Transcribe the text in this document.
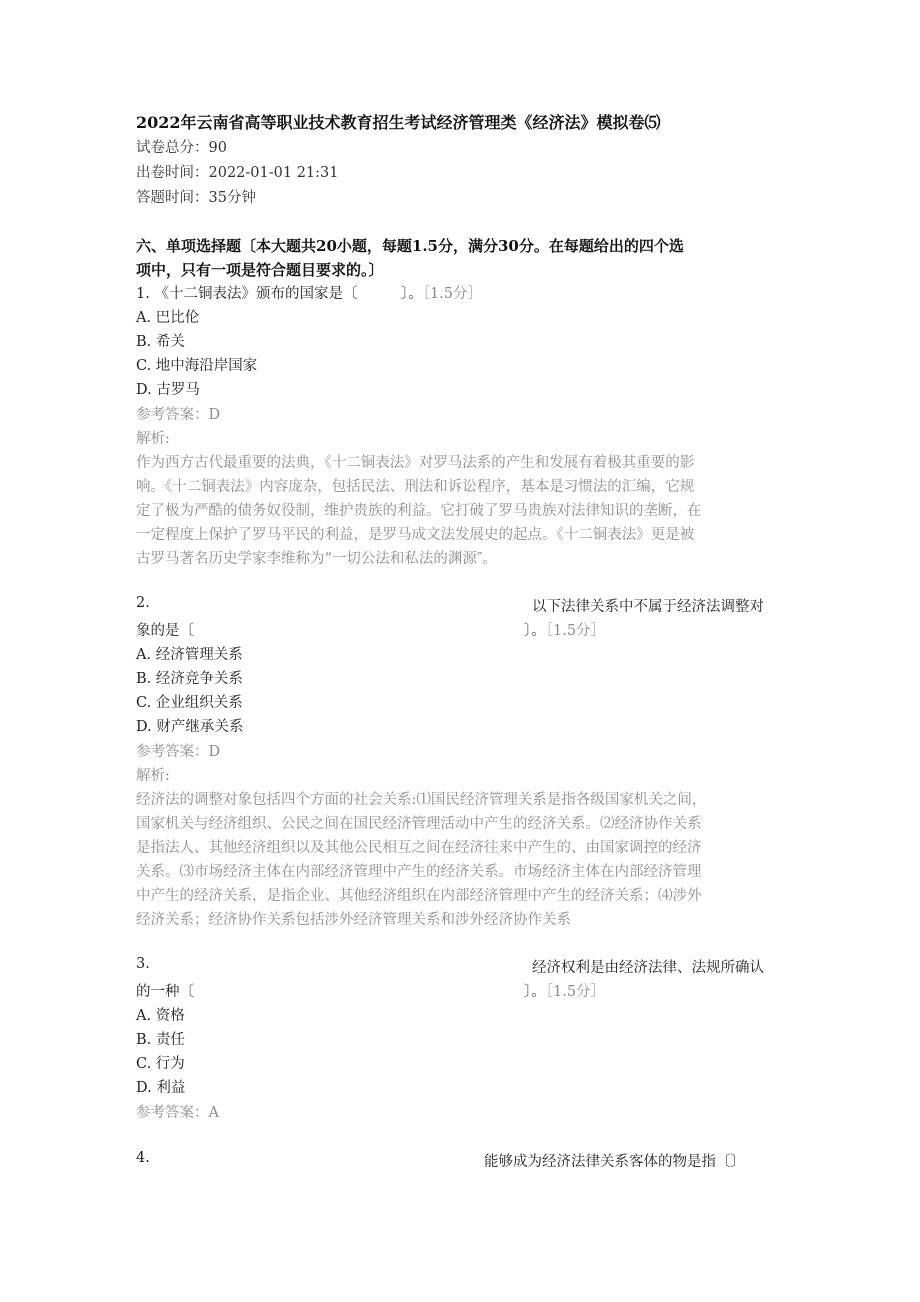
2022年云南省高等职业技术教育招生考试经济管理类《经济法》模拟卷⑸
试卷总分：90
出卷时间：2022-01-01 21:31
答题时间：35分钟
六、单项选择题〔本大题共20小题，每题1.5分，满分30分。在每题给出的四个选
项中，只有一项是符合题目要求的。〕
1. 《十二铜表法》颁布的国家是〔　　　〕。［1.5分］
A. 巴比伦
B. 希关
C. 地中海沿岸国家
D. 古罗马
参考答案：D
解析:
作为西方古代最重要的法典，《十二铜表法》对罗马法系的产生和发展有着极其重要的影
响。《十二铜表法》内容庞杂，包括民法、刑法和诉讼程序，基本是习惯法的汇编，它规
定了极为严酷的债务奴役制，维护贵族的利益。它打破了罗马贵族对法律知识的垄断，在
一定程度上保护了罗马平民的利益，是罗马成文法发展史的起点。《十二铜表法》更是被
古罗马著名历史学家李维称为“一切公法和私法的渊源″。
2.	以下法律关系中不属于经济法调整对
象的是〔	〕。［1.5分］
A. 经济管理关系
B. 经济竞争关系
C. 企业组织关系
D. 财产继承关系
参考答案：D
解析:
经济法的调整对象包括四个方面的社会关系:⑴国民经济管理关系是指各级国家机关之间，
国家机关与经济组织、公民之间在国民经济管理活动中产生的经济关系。⑵经济协作关系
是指法人、其他经济组织以及其他公民相互之间在经济往来中产生的、由国家调控的经济
关系。⑶市场经济主体在内部经济管理中产生的经济关系。市场经济主体在内部经济管理
中产生的经济关系，是指企业、其他经济组织在内部经济管理中产生的经济关系；⑷涉外
经济关系；经济协作关系包括涉外经济管理关系和涉外经济协作关系
3.	经济权利是由经济法律、法规所确认
的一种〔	〕。［1.5分］
A. 资格
B. 责任
C. 行为
D. 利益
参考答案：A
4.	能够成为经济法律关系客体的物是指〔〕
